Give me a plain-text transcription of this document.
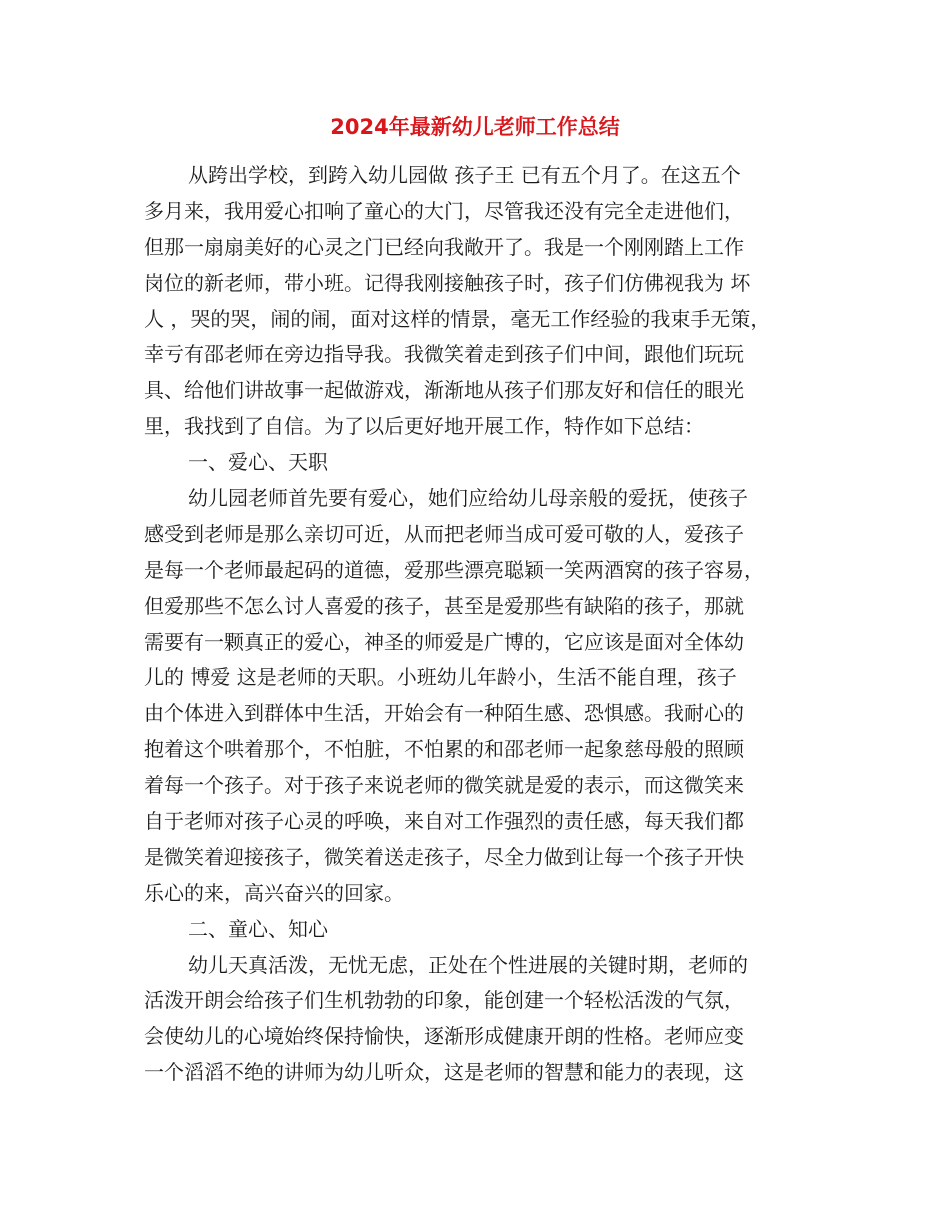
2024年最新幼儿老师工作总结
从跨出学校，到跨入幼儿园做 孩子王 已有五个月了。在这五个
多月来，我用爱心扣响了童心的大门，尽管我还没有完全走进他们，
但那一扇扇美好的心灵之门已经向我敞开了。我是一个刚刚踏上工作
岗位的新老师，带小班。记得我刚接触孩子时，孩子们仿佛视我为 坏
人 ，哭的哭，闹的闹，面对这样的情景，毫无工作经验的我束手无策，
幸亏有邵老师在旁边指导我。我微笑着走到孩子们中间，跟他们玩玩
具、给他们讲故事一起做游戏，渐渐地从孩子们那友好和信任的眼光
里，我找到了自信。为了以后更好地开展工作，特作如下总结：
一、爱心、天职
幼儿园老师首先要有爱心，她们应给幼儿母亲般的爱抚，使孩子
感受到老师是那么亲切可近，从而把老师当成可爱可敬的人，爱孩子
是每一个老师最起码的道德，爱那些漂亮聪颖一笑两酒窝的孩子容易，
但爱那些不怎么讨人喜爱的孩子，甚至是爱那些有缺陷的孩子，那就
需要有一颗真正的爱心，神圣的师爱是广博的，它应该是面对全体幼
儿的 博爱 这是老师的天职。小班幼儿年龄小，生活不能自理，孩子
由个体进入到群体中生活，开始会有一种陌生感、恐惧感。我耐心的
抱着这个哄着那个，不怕脏，不怕累的和邵老师一起象慈母般的照顾
着每一个孩子。对于孩子来说老师的微笑就是爱的表示，而这微笑来
自于老师对孩子心灵的呼唤，来自对工作强烈的责任感，每天我们都
是微笑着迎接孩子，微笑着送走孩子，尽全力做到让每一个孩子开快
乐心的来，高兴奋兴的回家。
二、童心、知心
幼儿天真活泼，无忧无虑，正处在个性进展的关键时期，老师的
活泼开朗会给孩子们生机勃勃的印象，能创建一个轻松活泼的气氛，
会使幼儿的心境始终保持愉快，逐渐形成健康开朗的性格。老师应变
一个滔滔不绝的讲师为幼儿听众，这是老师的智慧和能力的表现，这
